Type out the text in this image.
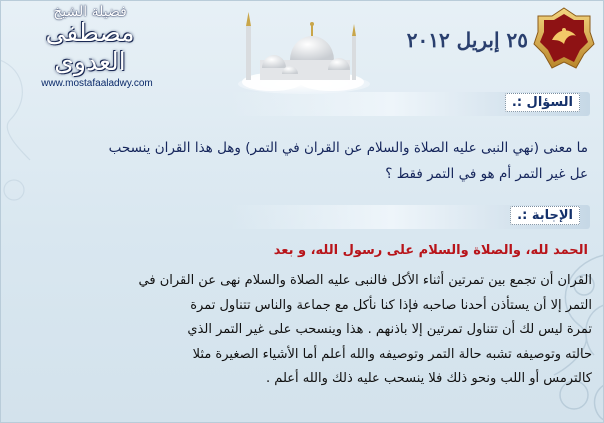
فضيلة الشيخ
مصطفى العدوى
www.mostafaaladwy.com
٢٥ إبريل ٢٠١٢
السؤال :.
ما معنى (نهي النبى عليه الصلاة والسلام عن القران في التمر) وهل هذا القران ينسحب
عل غير التمر أم هو في التمر فقط ؟
الإجابة :.
الحمد لله، والصلاة والسلام على رسول الله، و بعد
القران أن تجمع بين تمرتين أثناء الأكل فالنبى عليه الصلاة والسلام نهى عن القران في
التمر إلا أن يستأذن أحدنا صاحبه فإذا كنا نأكل مع جماعة والناس تتناول تمرة
تمرة ليس لك أن تتناول تمرتين إلا باذنهم . هذا وينسحب على غير التمر الذي
حالته وتوصيفه تشبه حالة التمر وتوصيفه والله أعلم أما الأشياء الصغيرة مثلا
كالترمس أو اللب ونحو ذلك فلا ينسحب عليه ذلك والله أعلم .
